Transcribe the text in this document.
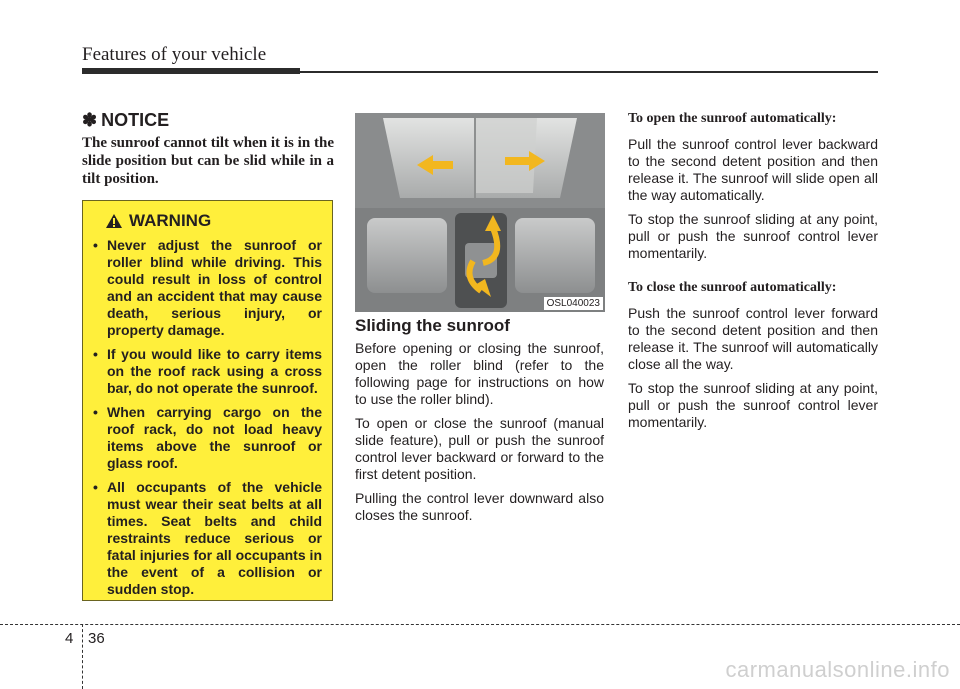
Features of your vehicle
✽ NOTICE
The sunroof cannot tilt when it is in the slide position but can be slid while in a tilt position.
WARNING
• Never adjust the sunroof or roller blind while driving. This could result in loss of control and an accident that may cause death, serious injury, or property damage.
• If you would like to carry items on the roof rack using a cross bar, do not operate the sunroof.
• When carrying cargo on the roof rack, do not load heavy items above the sunroof or glass roof.
• All occupants of the vehicle must wear their seat belts at all times. Seat belts and child restraints reduce serious or fatal injuries for all occupants in the event of a collision or sudden stop.
OSL040023
Sliding the sunroof

Before opening or closing the sunroof, open the roller blind (refer to the following page for instructions on how to use the roller blind).

To open or close the sunroof (manual slide feature), pull or push the sunroof control lever backward or forward to the first detent position.

Pulling the control lever downward also closes the sunroof.

To open the sunroof automatically:

Pull the sunroof control lever backward to the second detent position and then release it. The sunroof will slide open all the way automatically.

To stop the sunroof sliding at any point, pull or push the sunroof control lever momentarily.

To close the sunroof automatically:

Push the sunroof control lever forward to the second detent position and then release it. The sunroof will automatically close all the way.

To stop the sunroof sliding at any point, pull or push the sunroof control lever momentarily.

4 36
carmanualsonline.info
